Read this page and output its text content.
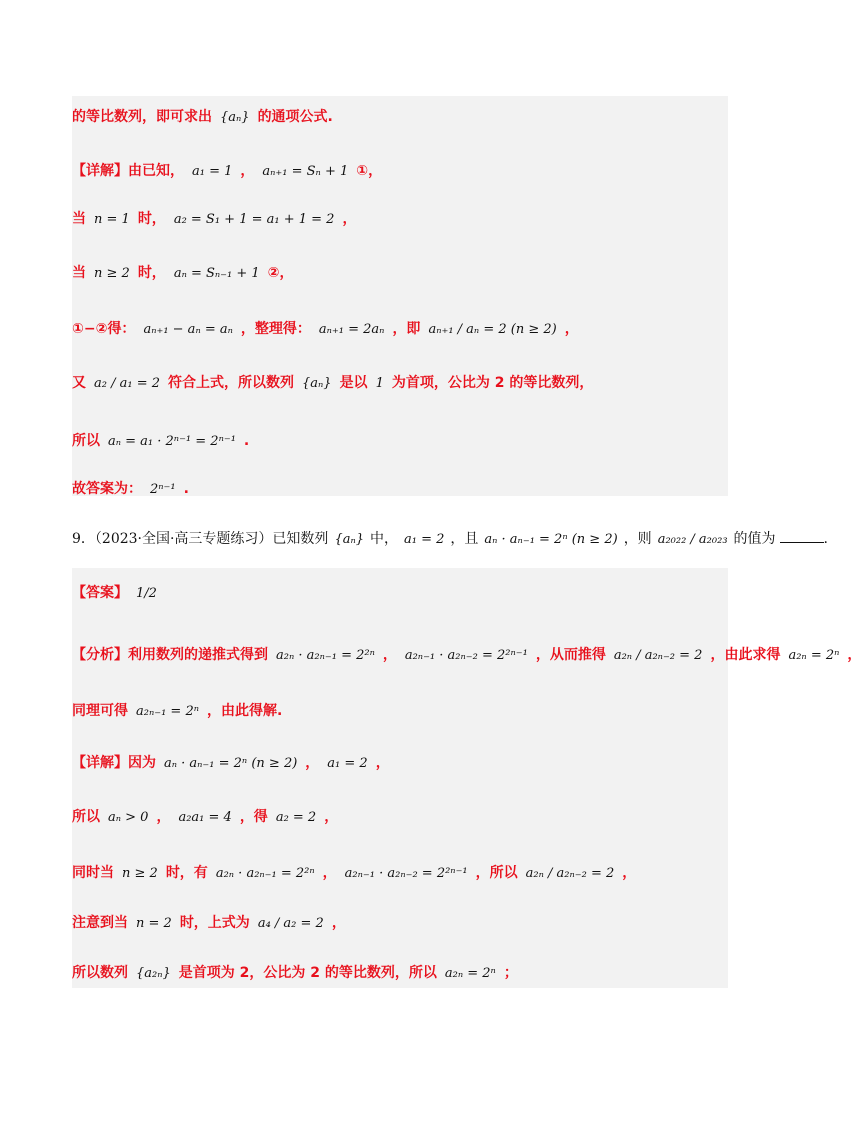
的等比数列，即可求出 {aₙ} 的通项公式.
【详解】由已知， a₁ = 1 ， aₙ₊₁ = Sₙ + 1 ①，
当 n = 1 时， a₂ = S₁ + 1 = a₁ + 1 = 2 ，
当 n ≥ 2 时， aₙ = Sₙ₋₁ + 1 ②，
①−②得： aₙ₊₁ − aₙ = aₙ ，整理得： aₙ₊₁ = 2aₙ ，即 aₙ₊₁ / aₙ = 2 (n ≥ 2) ，
又 a₂ / a₁ = 2 符合上式，所以数列 {aₙ} 是以 1 为首项，公比为 2 的等比数列，
所以 aₙ = a₁ · 2ⁿ⁻¹ = 2ⁿ⁻¹ .
故答案为： 2ⁿ⁻¹ .
9．（2023·全国·高三专题练习）已知数列 {aₙ} 中， a₁ = 2 ，且 aₙ · aₙ₋₁ = 2ⁿ (n ≥ 2) ，则 a₂₀₂₂ / a₂₀₂₃ 的值为	.
【答案】 1/2
【分析】利用数列的递推式得到 a₂ₙ · a₂ₙ₋₁ = 2²ⁿ ， a₂ₙ₋₁ · a₂ₙ₋₂ = 2²ⁿ⁻¹ ，从而推得 a₂ₙ / a₂ₙ₋₂ = 2 ，由此求得 a₂ₙ = 2ⁿ ，
同理可得 a₂ₙ₋₁ = 2ⁿ ，由此得解.
【详解】因为 aₙ · aₙ₋₁ = 2ⁿ (n ≥ 2) ， a₁ = 2 ，
所以 aₙ > 0 ， a₂a₁ = 4 ，得 a₂ = 2 ，
同时当 n ≥ 2 时，有 a₂ₙ · a₂ₙ₋₁ = 2²ⁿ ， a₂ₙ₋₁ · a₂ₙ₋₂ = 2²ⁿ⁻¹ ，所以 a₂ₙ / a₂ₙ₋₂ = 2 ，
注意到当 n = 2 时，上式为 a₄ / a₂ = 2 ，
所以数列 {a₂ₙ} 是首项为 2，公比为 2 的等比数列，所以 a₂ₙ = 2ⁿ ；
